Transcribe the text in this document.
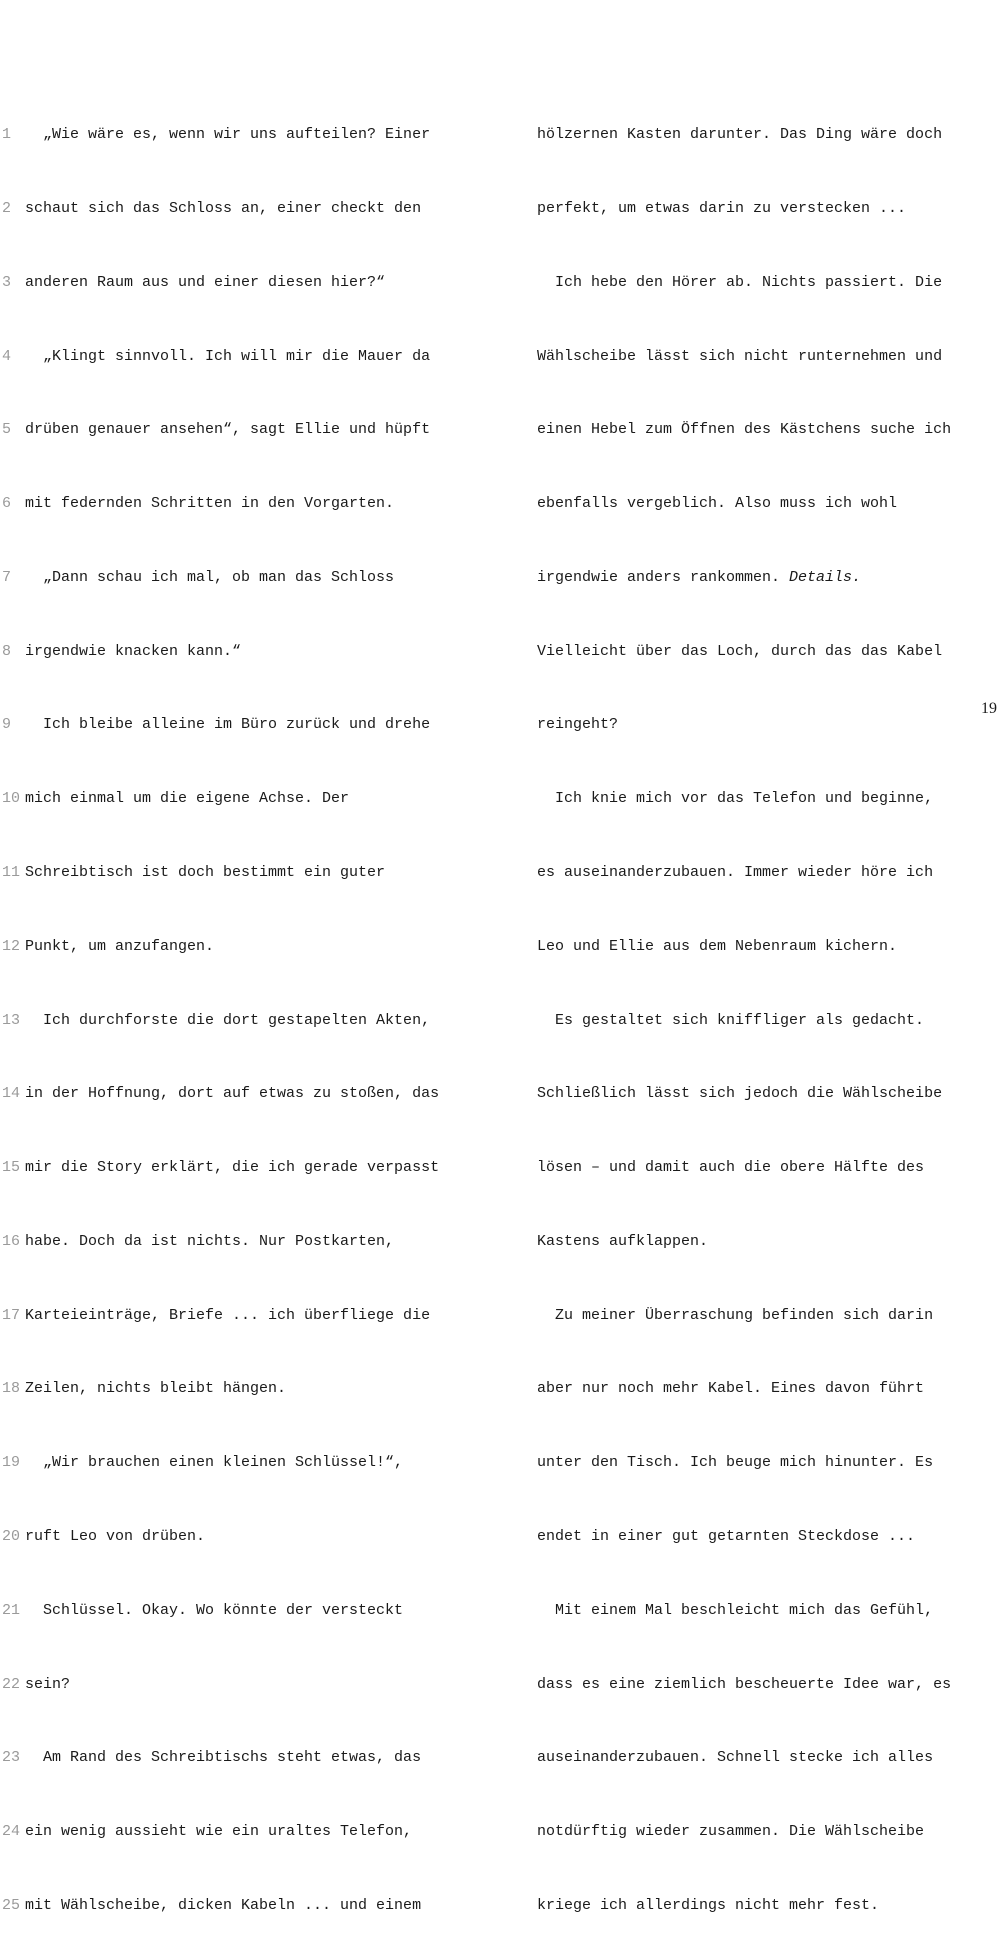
1 „Wie wäre es, wenn wir uns aufteilen? Einer

2 schaut sich das Schloss an, einer checkt den

3 anderen Raum aus und einer diesen hier?“

4 „Klingt sinnvoll. Ich will mir die Mauer da

5 drüben genauer ansehen“, sagt Ellie und hüpft

6 mit federnden Schritten in den Vorgarten.

7 „Dann schau ich mal, ob man das Schloss

8 irgendwie knacken kann.“

9 Ich bleibe alleine im Büro zurück und drehe

10 mich einmal um die eigene Achse. Der

11 Schreibtisch ist doch bestimmt ein guter

12 Punkt, um anzufangen.

13 Ich durchforste die dort gestapelten Akten,

14 in der Hoffnung, dort auf etwas zu stoßen, das

15 mir die Story erklärt, die ich gerade verpasst

16 habe. Doch da ist nichts. Nur Postkarten,

17 Karteieinträge, Briefe ... ich überfliege die

18 Zeilen, nichts bleibt hängen.

19 „Wir brauchen einen kleinen Schlüssel!“,

20 ruft Leo von drüben.

21 Schlüssel. Okay. Wo könnte der versteckt

22 sein?

23 Am Rand des Schreibtischs steht etwas, das

24 ein wenig aussieht wie ein uraltes Telefon,

25 mit Wählscheibe, dicken Kabeln ... und einem

hölzernen Kasten darunter. Das Ding wäre doch

perfekt, um etwas darin zu verstecken ...

Ich hebe den Hörer ab. Nichts passiert. Die

Wählscheibe lässt sich nicht runternehmen und

einen Hebel zum Öffnen des Kästchens suche ich

ebenfalls vergeblich. Also muss ich wohl

irgendwie anders rankommen. Details.

Vielleicht über das Loch, durch das das Kabel

reingeht?

Ich knie mich vor das Telefon und beginne,

es auseinanderzubauen. Immer wieder höre ich

Leo und Ellie aus dem Nebenraum kichern.

Es gestaltet sich kniffliger als gedacht.

Schließlich lässt sich jedoch die Wählscheibe

lösen – und damit auch die obere Hälfte des

Kastens aufklappen.

Zu meiner Überraschung befinden sich darin

aber nur noch mehr Kabel. Eines davon führt

unter den Tisch. Ich beuge mich hinunter. Es

endet in einer gut getarnten Steckdose ...

Mit einem Mal beschleicht mich das Gefühl,

dass es eine ziemlich bescheuerte Idee war, es

auseinanderzubauen. Schnell stecke ich alles

notdürftig wieder zusammen. Die Wählscheibe

kriege ich allerdings nicht mehr fest.

19
